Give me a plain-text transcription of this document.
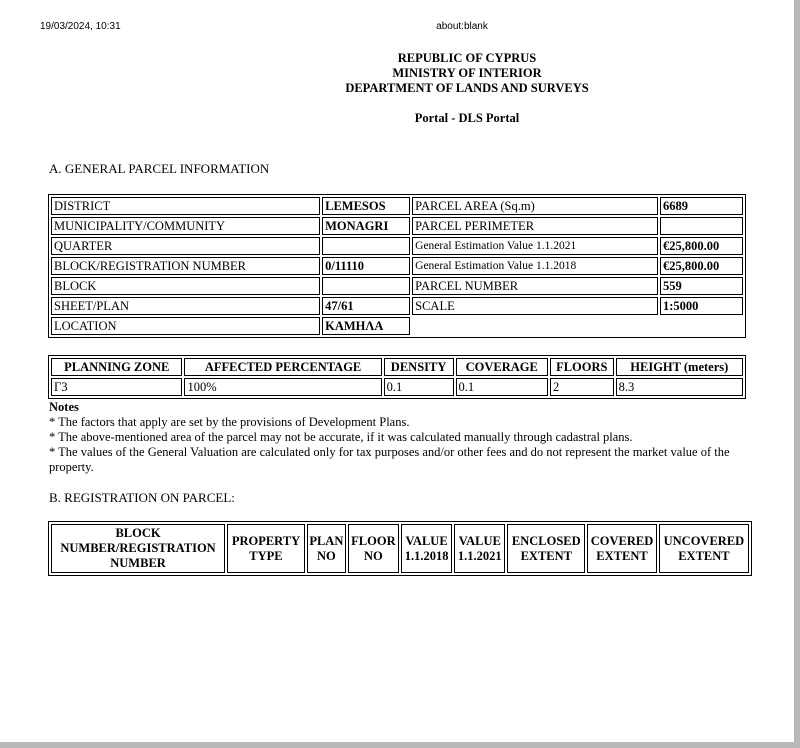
19/03/2024, 10:31	about:blank
REPUBLIC OF CYPRUS
MINISTRY OF INTERIOR
DEPARTMENT OF LANDS AND SURVEYS
Portal - DLS Portal
A. GENERAL PARCEL INFORMATION
DISTRICT	LEMESOS	PARCEL AREA (Sq.m)	6689
MUNICIPALITY/COMMUNITY	MONAGRI	PARCEL PERIMETER	
QUARTER		General Estimation Value 1.1.2021	€25,800.00
BLOCK/REGISTRATION NUMBER	0/11110	General Estimation Value 1.1.2018	€25,800.00
BLOCK		PARCEL NUMBER	559
SHEET/PLAN	47/61	SCALE	1:5000
LOCATION	ΚΑΜΗΛΑ		
PLANNING ZONE	AFFECTED PERCENTAGE	DENSITY	COVERAGE	FLOORS	HEIGHT (meters)
Γ3	100%	0.1	0.1	2	8.3
Notes
* The factors that apply are set by the provisions of Development Plans.
* The above-mentioned area of the parcel may not be accurate, if it was calculated manually through cadastral plans.
* The values of the General Valuation are calculated only for tax purposes and/or other fees and do not represent the market value of the property.
B. REGISTRATION ON PARCEL:
BLOCK NUMBER/REGISTRATION NUMBER	PROPERTY TYPE	PLAN NO	FLOOR NO	VALUE 1.1.2018	VALUE 1.1.2021	ENCLOSED EXTENT	COVERED EXTENT	UNCOVERED EXTENT
